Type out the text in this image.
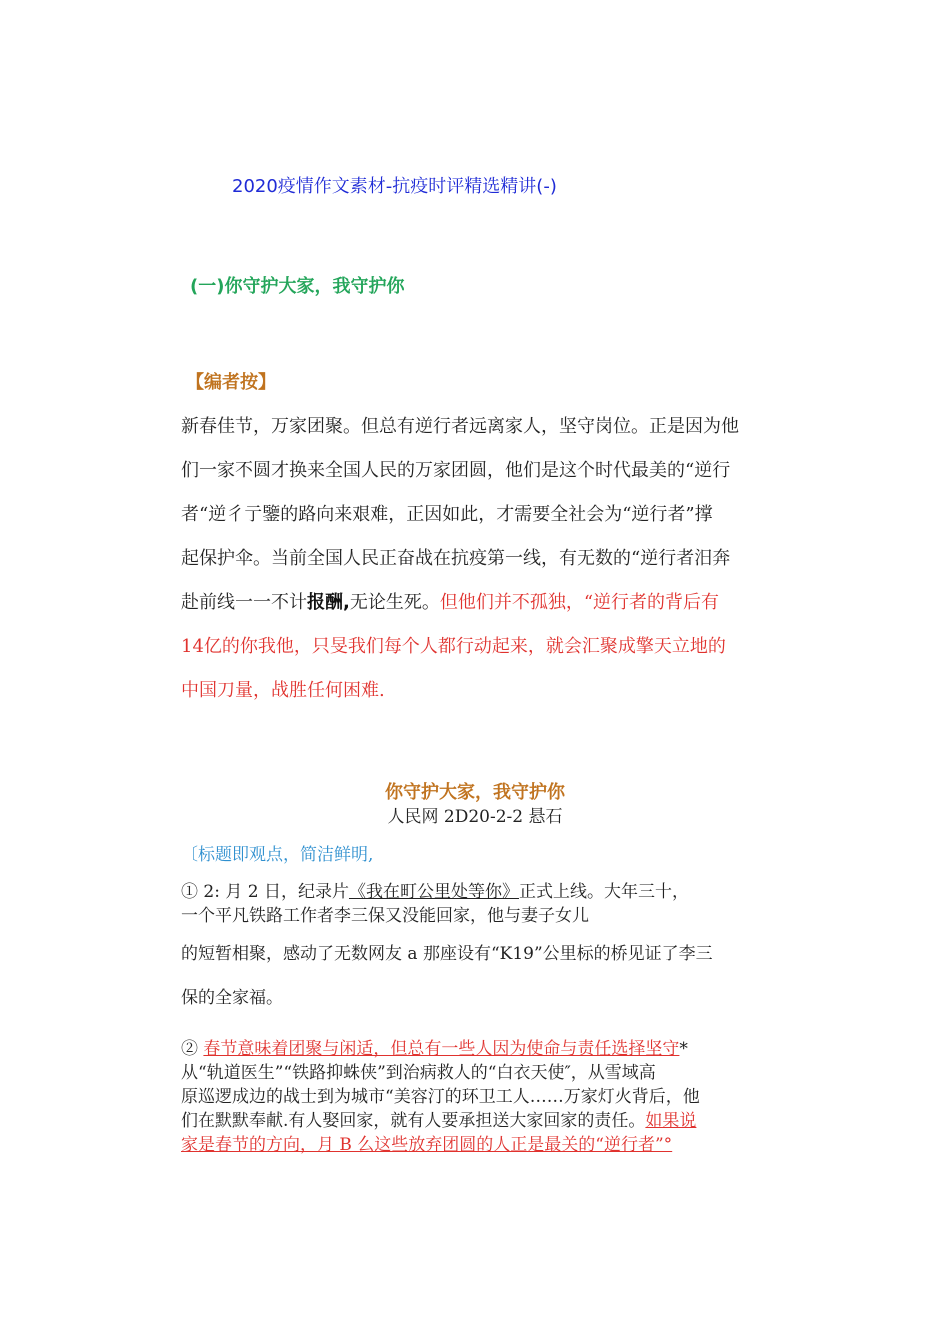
2020疫情作文素材-抗疫时评精选精讲(-)
(一)你守护大家，我守护你
【编者按】
新春佳节，万家团聚。但总有逆行者远离家人，坚守岗位。正是因为他
们一家不圆才换来全国人民的万家团圆，他们是这个时代最美的“逆行
者“逆彳亍鑒的路向来艰难，正因如此，才需要全社会为“逆行者”撑
起保护伞。当前全国人民正奋战在抗疫第一线，有无数的“逆行者汨奔
赴前线一一不计报酬,无论生死。但他们并不孤独，“逆行者的背后有
14亿的你我他，只旻我们每个人都行动起来，就会汇聚成擎天立地的
中国刀量，战胜任何困难.
你守护大家，我守护你
人民网 2D20-2-2 悬石
〔标题即观点，简洁鲜明,
① 2: 月 2 日，纪录片《我在町公里处等你》正式上线。大年三十，
一个平凡铁路工作者李三保又没能回家，他与妻子女儿
的短暂相聚，感动了无数网友 a 那座设有“K19”公里标的桥见证了李三
保的全家福。
② 春节意味着团聚与闲适，但总有一些人因为使命与责任选择坚守*
从“轨道医生”“铁路抑蛛侠”到治病救人的“白衣天使″，从雪域高
原巡逻成边的战士到为城市“美容汀的环卫工人……万家灯火背后，他
们在默默奉献.有人娶回家，就有人要承担送大家回家的责任。如果说
家是春节的方向，月 B 么这些放弃团圆的人正是最关的“逆行者”°
